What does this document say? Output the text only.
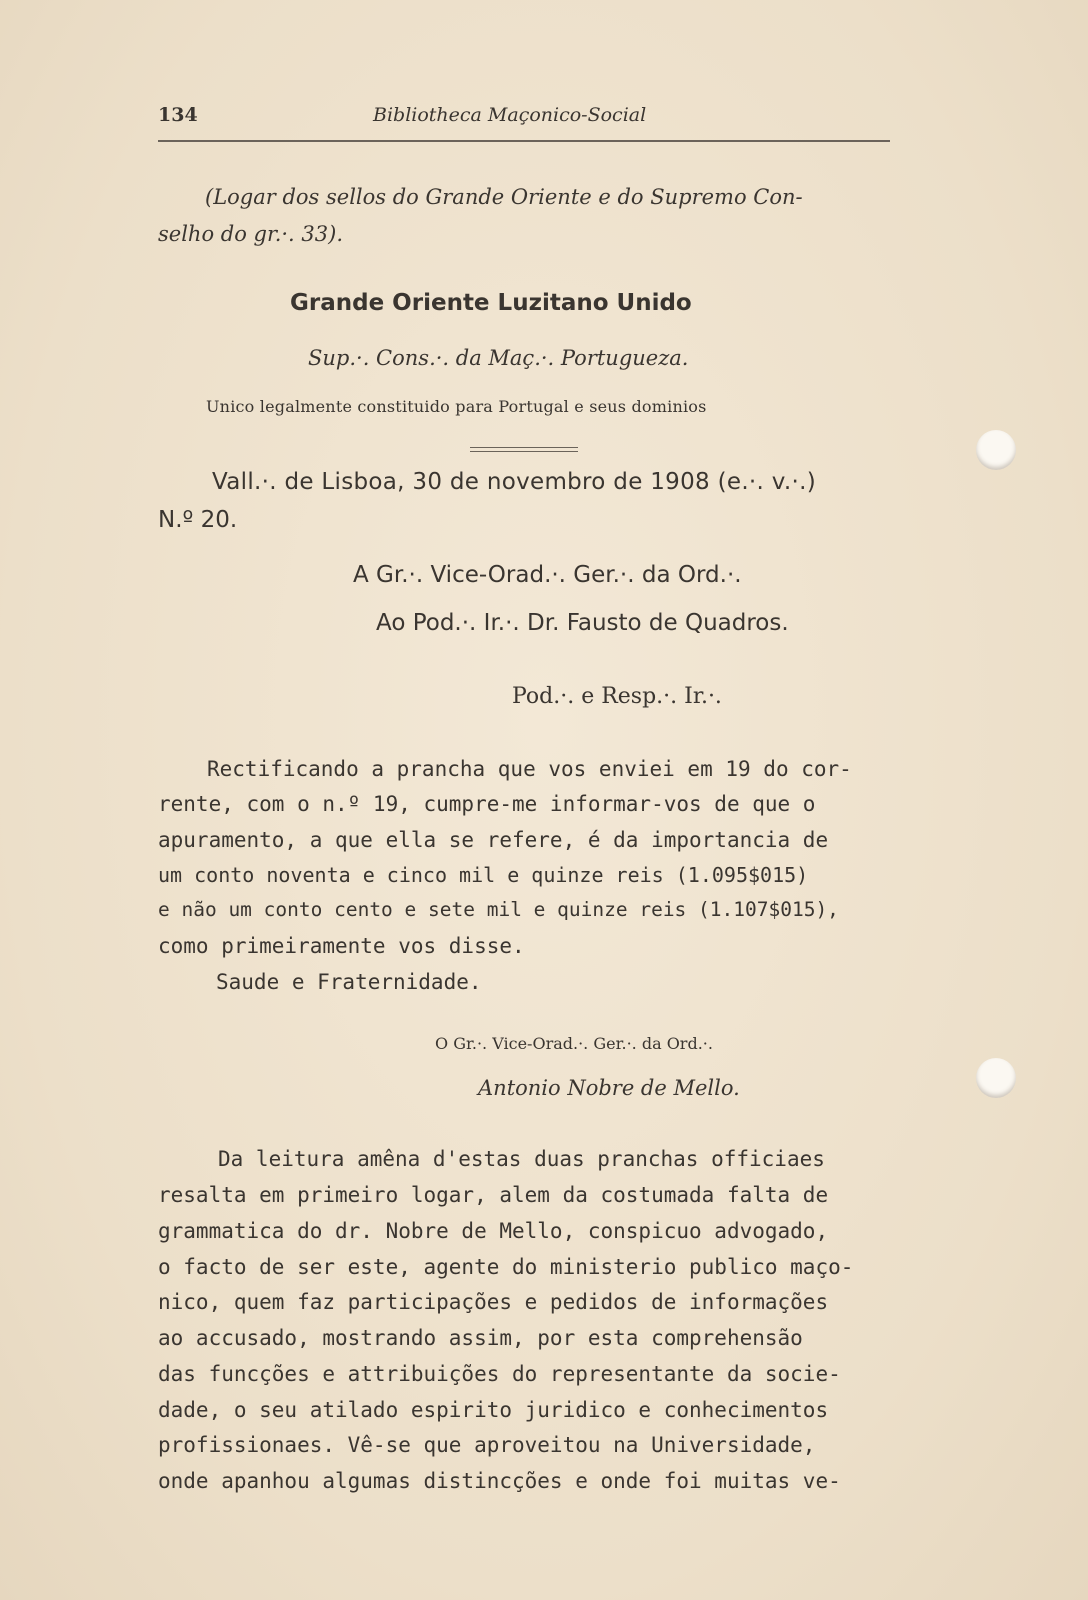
134	Bibliotheca Maçonico-Social
(Logar dos sellos do Grande Oriente e do Supremo Con-
selho do gr.·. 33).
Grande Oriente Luzitano Unido
Sup.·. Cons.·. da Maç.·. Portugueza.
Unico legalmente constituido para Portugal e seus dominios
Vall.·. de Lisboa, 30 de novembro de 1908 (e.·. v.·.)
N.º 20.
A Gr.·. Vice-Orad.·. Ger.·. da Ord.·.
Ao Pod.·. Ir.·. Dr. Fausto de Quadros.
Pod.·. e Resp.·. Ir.·.
Rectificando a prancha que vos enviei em 19 do cor-
rente, com o n.º 19, cumpre-me informar-vos de que o
apuramento, a que ella se refere, é da importancia de
um conto noventa e cinco mil e quinze reis (1.095$015)
e não um conto cento e sete mil e quinze reis (1.107$015),
como primeiramente vos disse.
Saude e Fraternidade.
O Gr.·. Vice-Orad.·. Ger.·. da Ord.·.
Antonio Nobre de Mello.
Da leitura amêna d'estas duas pranchas officiaes
resalta em primeiro logar, alem da costumada falta de
grammatica do dr. Nobre de Mello, conspicuo advogado,
o facto de ser este, agente do ministerio publico maço-
nico, quem faz participações e pedidos de informações
ao accusado, mostrando assim, por esta comprehensão
das funcções e attribuições do representante da socie-
dade, o seu atilado espirito juridico e conhecimentos
profissionaes. Vê-se que aproveitou na Universidade,
onde apanhou algumas distincções e onde foi muitas ve-
